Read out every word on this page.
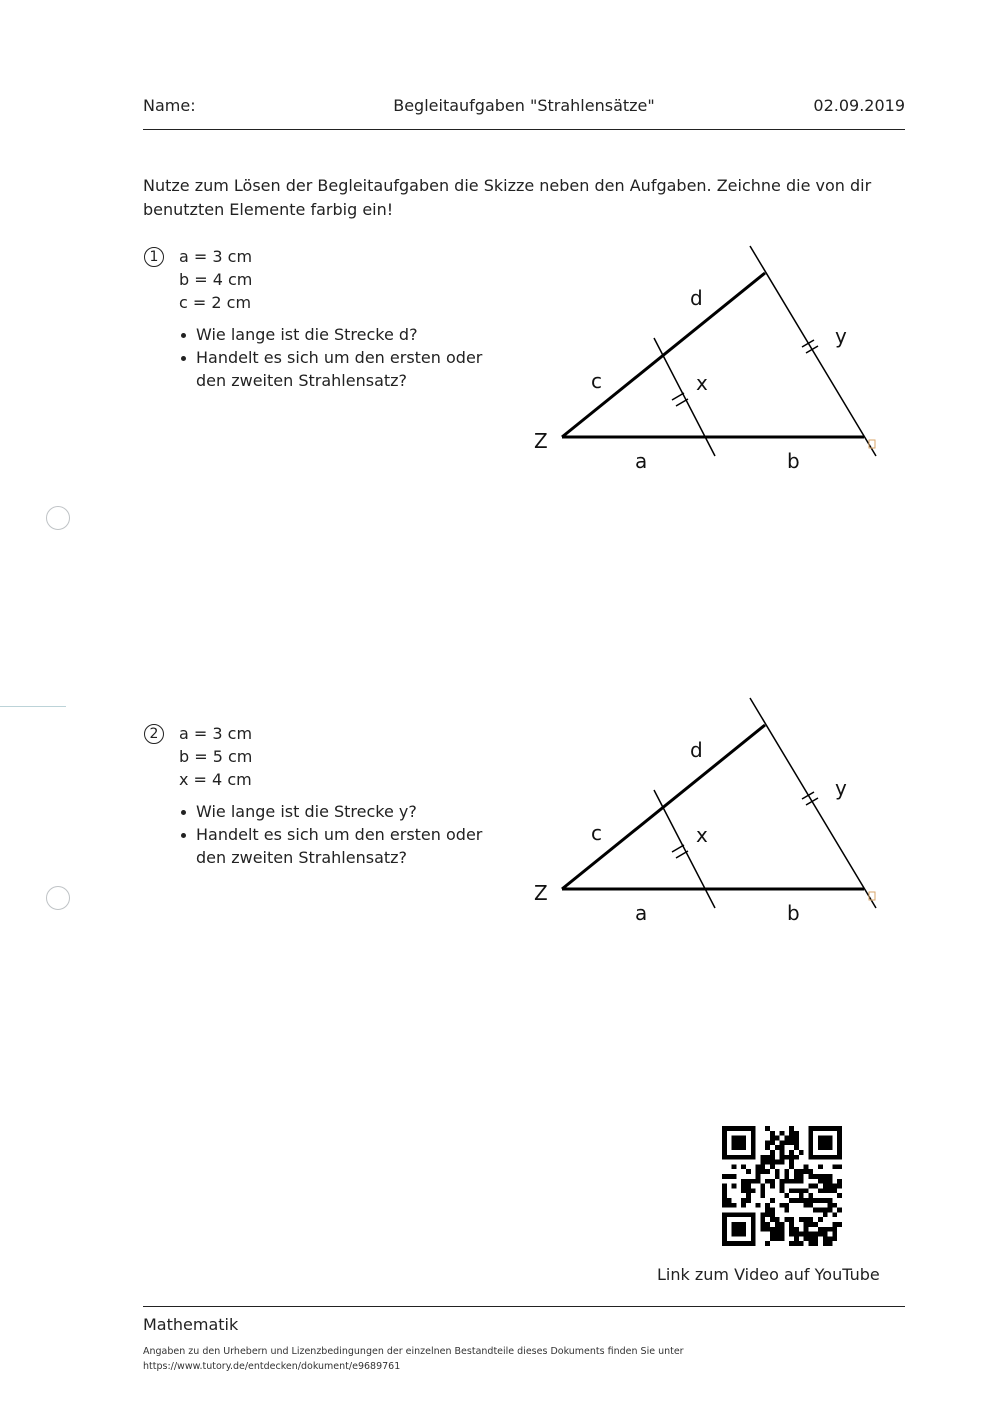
Name:	Begleitaufgaben "Strahlensätze"	02.09.2019

Nutze zum Lösen der Begleitaufgaben die Skizze neben den Aufgaben. Zeichne die von dir benutzten Elemente farbig ein!

1	a = 3 cm
b = 4 cm
c = 2 cm
Wie lange ist die Strecke d?
Handelt es sich um den ersten oder den zweiten Strahlensatz?
Z
a	b
c
d
x
y
2	a = 3 cm
b = 5 cm
x = 4 cm
Wie lange ist die Strecke y?
Handelt es sich um den ersten oder den zweiten Strahlensatz?
Z
a	b
c
d
x
y
Link zum Video auf YouTube
Mathematik
Angaben zu den Urhebern und Lizenzbedingungen der einzelnen Bestandteile dieses Dokuments finden Sie unter
https://www.tutory.de/entdecken/dokument/e9689761
